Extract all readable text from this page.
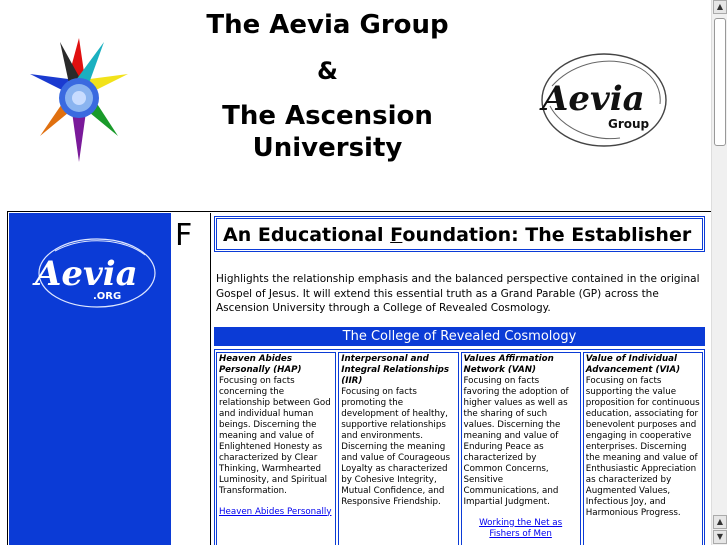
The Aevia Group
&
The Ascension
University
Aevia
Group
Aevia
.ORG
F	An Educational Foundation: The Establisher
Highlights the relationship emphasis and the balanced perspective contained in the original Gospel of Jesus. It will extend this essential truth as a Grand Parable (GP) across the Ascension University through a College of Revealed Cosmology.
The College of Revealed Cosmology
Heaven Abides Personally (HAP)
Focusing on facts concerning the relationship between God and individual human beings. Discerning the meaning and value of Enlightened Honesty as characterized by Clear Thinking, Warmhearted Luminosity, and Spiritual Transformation.
Heaven Abides Personally
Interpersonal and Integral Relationships (IIR)
Focusing on facts promoting the development of healthy, supportive relationships and environments. Discerning the meaning and value of Courageous Loyalty as characterized by Cohesive Integrity, Mutual Confidence, and Responsive Friendship.
Values Affirmation Network (VAN)
Focusing on facts favoring the adoption of higher values as well as the sharing of such values. Discerning the meaning and value of Enduring Peace as characterized by Common Concerns, Sensitive Communications, and Impartial Judgment.
Working the Net as Fishers of Men
Value of Individual Advancement (VIA)
Focusing on facts supporting the value proposition for continuous education, associating for benevolent purposes and engaging in cooperative enterprises. Discerning the meaning and value of Enthusiastic Appreciation as characterized by Augmented Values, Infectious Joy, and Harmonious Progress.
▲
▲
▼
